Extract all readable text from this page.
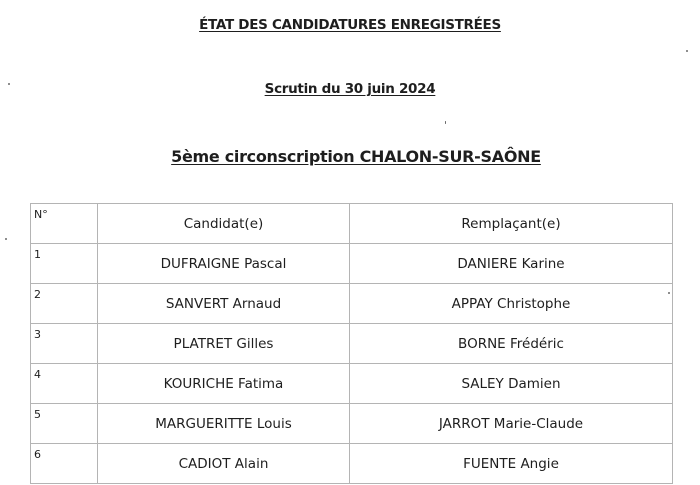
ÉTAT DES CANDIDATURES ENREGISTRÉES
Scrutin du 30 juin 2024
5ème circonscription CHALON-SUR-SAÔNE
N°	Candidat(e)	Remplaçant(e)
1	DUFRAIGNE Pascal	DANIERE Karine
2	SANVERT Arnaud	APPAY Christophe
3	PLATRET Gilles	BORNE Frédéric
4	KOURICHE Fatima	SALEY Damien
5	MARGUERITTE Louis	JARROT Marie-Claude
6	CADIOT Alain	FUENTE Angie
